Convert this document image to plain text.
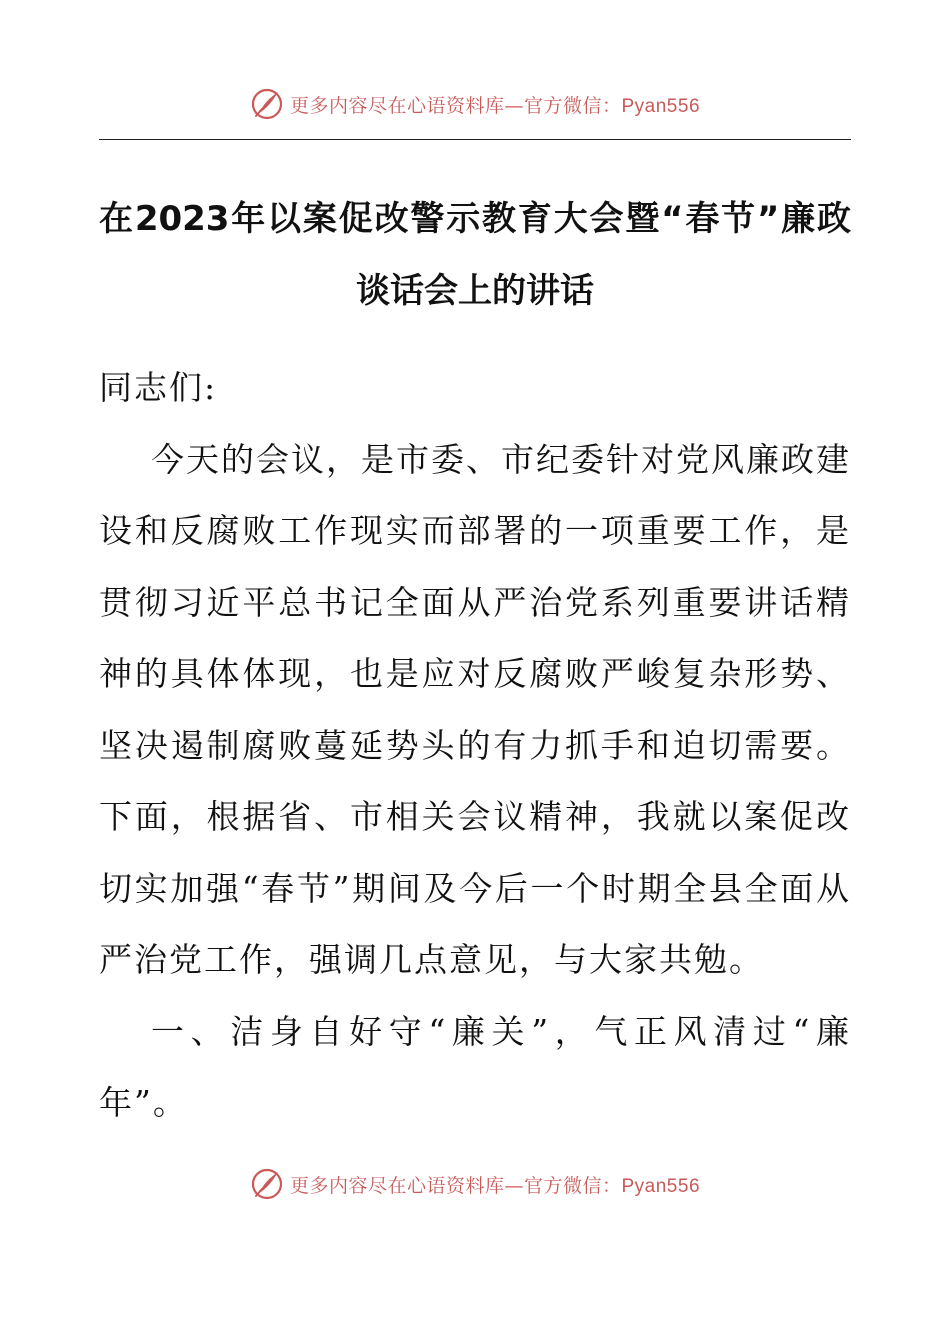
更多内容尽在心语资料库—官方微信：Pyan556
在2023年以案促改警示教育大会暨“春节”廉政
谈话会上的讲话

同志们:

今天的会议，是市委、市纪委针对党风廉政建设和反腐败工作现实而部署的一项重要工作，是贯彻习近平总书记全面从严治党系列重要讲话精神的具体体现，也是应对反腐败严峻复杂形势、坚决遏制腐败蔓延势头的有力抓手和迫切需要。下面，根据省、市相关会议精神，我就以案促改切实加强“春节”期间及今后一个时期全县全面从严治党工作，强调几点意见，与大家共勉。

一、洁身自好守“廉关”，气正风清过“廉年”。

更多内容尽在心语资料库—官方微信：Pyan556
